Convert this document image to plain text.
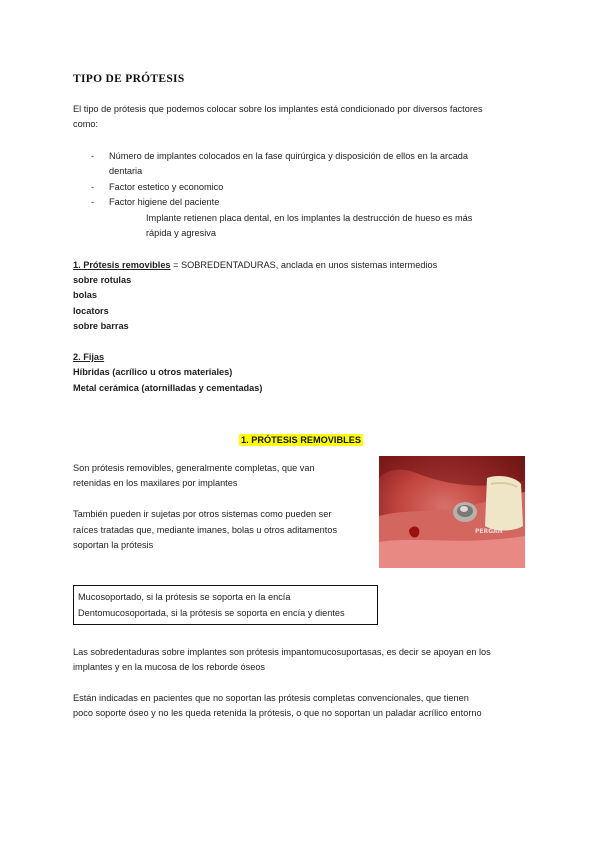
TIPO DE PRÓTESIS
El tipo de prótesis que podemos colocar sobre los implantes está condicionado por diversos factores
como:
- Número de implantes colocados en la fase quirúrgica y disposición de ellos en la arcada
dentaria
- Factor estetico y economico
- Factor higiene del paciente
Implante retienen placa dental, en los implantes la destrucción de hueso es más
rápida y agresiva
1. Prótesis removibles = SOBREDENTADURAS, anclada en unos sistemas intermedios
sobre rotulas
bolas
locators
sobre barras
2. Fijas
Híbridas (acrílico u otros materiales)
Metal cerámica (atornilladas y cementadas)
1. PRÓTESIS REMOVIBLES
Son prótesis removibles, generalmente completas, que van
retenidas en los maxilares por implantes
También pueden ir sujetas por otros sistemas como pueden ser
raíces tratadas que, mediante imanes, bolas u otros aditamentos
soportan la prótesis
PERGAN
Mucosoportado, si la prótesis se soporta en la encía
Dentomucosoportada, si la prótesis se soporta en encía y dientes
Las sobredentaduras sobre implantes son prótesis impantomucosuportasas, es decir se apoyan en los
implantes y en la mucosa de los reborde óseos
Están indicadas en pacientes que no soportan las prótesis completas convencionales, que tienen
poco soporte óseo y no les queda retenida la prótesis, o que no soportan un paladar acrílico entorno
